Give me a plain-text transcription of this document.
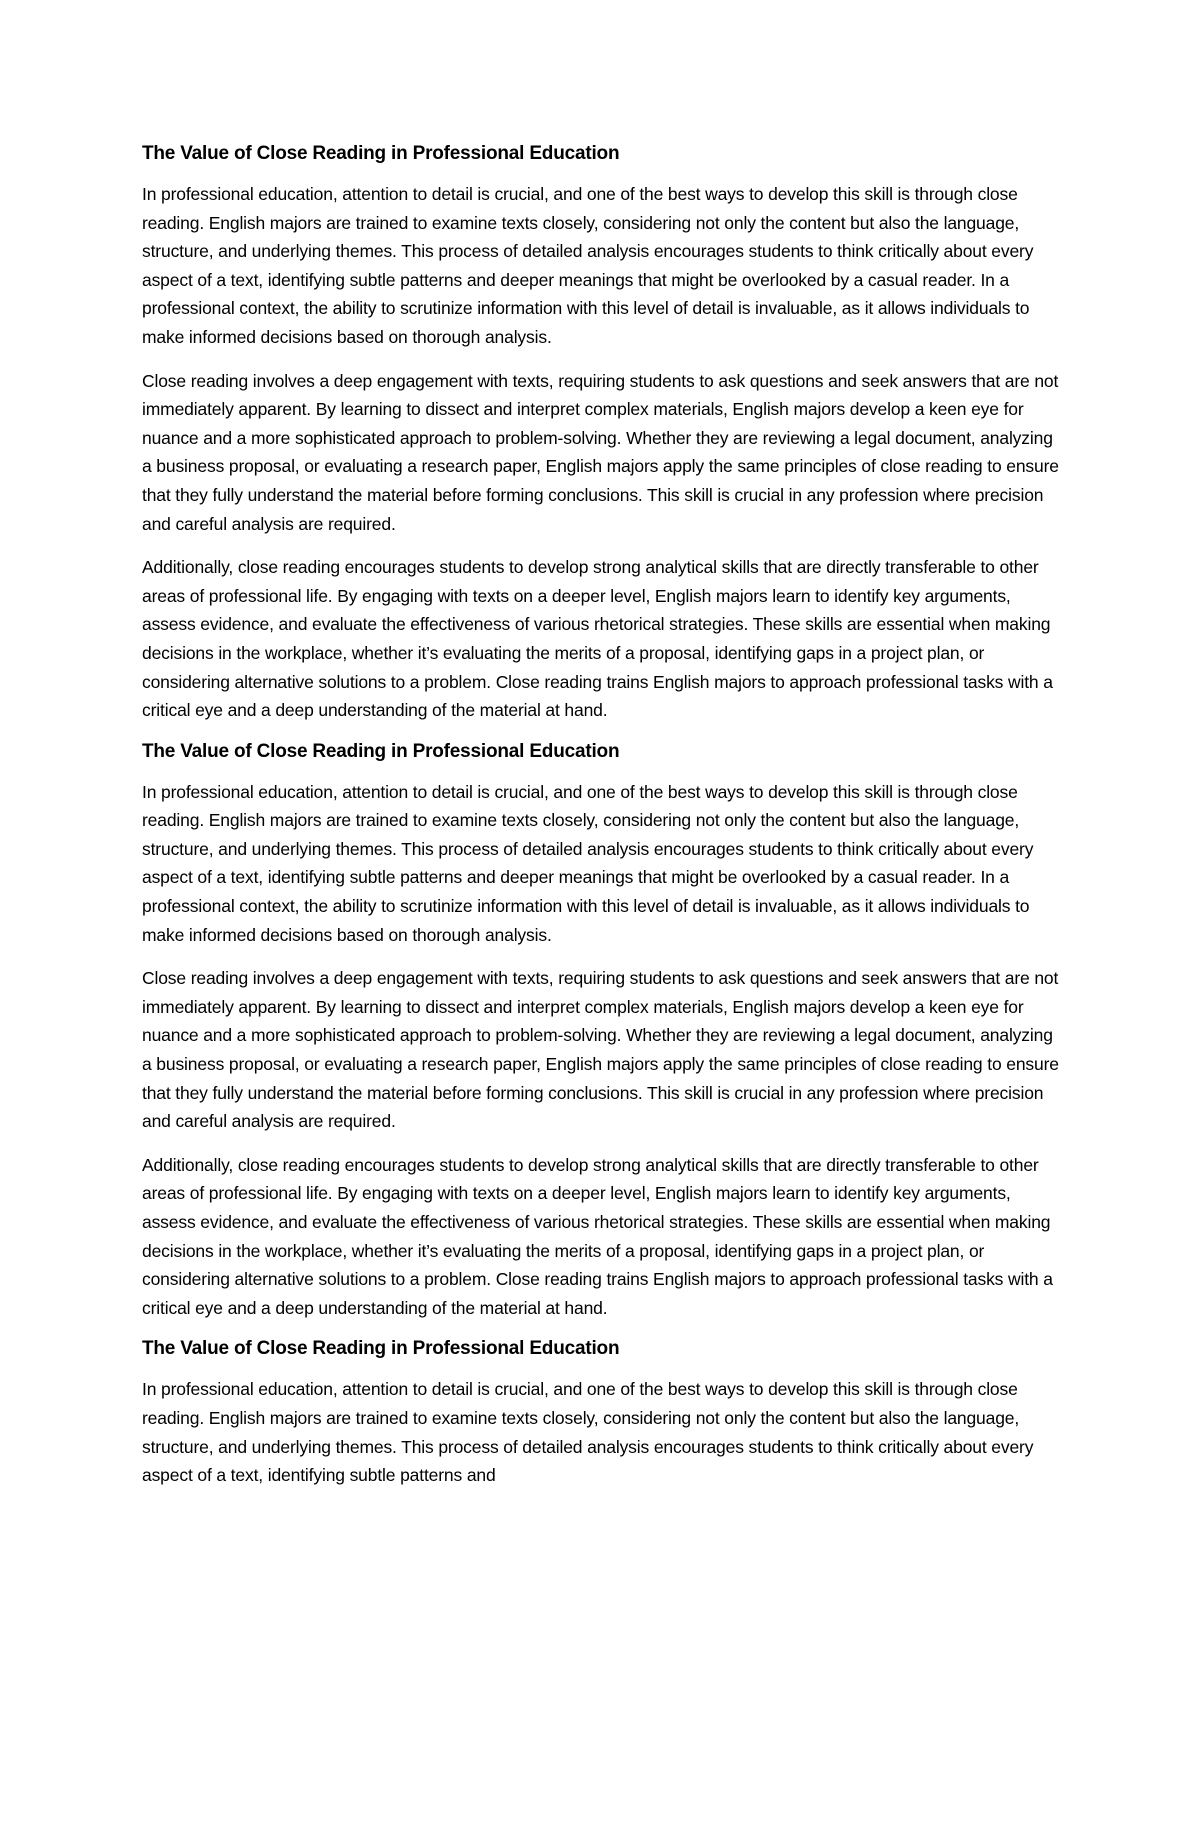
The Value of Close Reading in Professional Education

In professional education, attention to detail is crucial, and one of the best ways to develop this skill is through close reading. English majors are trained to examine texts closely, considering not only the content but also the language, structure, and underlying themes. This process of detailed analysis encourages students to think critically about every aspect of a text, identifying subtle patterns and deeper meanings that might be overlooked by a casual reader. In a professional context, the ability to scrutinize information with this level of detail is invaluable, as it allows individuals to make informed decisions based on thorough analysis.

Close reading involves a deep engagement with texts, requiring students to ask questions and seek answers that are not immediately apparent. By learning to dissect and interpret complex materials, English majors develop a keen eye for nuance and a more sophisticated approach to problem-solving. Whether they are reviewing a legal document, analyzing a business proposal, or evaluating a research paper, English majors apply the same principles of close reading to ensure that they fully understand the material before forming conclusions. This skill is crucial in any profession where precision and careful analysis are required.

Additionally, close reading encourages students to develop strong analytical skills that are directly transferable to other areas of professional life. By engaging with texts on a deeper level, English majors learn to identify key arguments, assess evidence, and evaluate the effectiveness of various rhetorical strategies. These skills are essential when making decisions in the workplace, whether it’s evaluating the merits of a proposal, identifying gaps in a project plan, or considering alternative solutions to a problem. Close reading trains English majors to approach professional tasks with a critical eye and a deep understanding of the material at hand.

The Value of Close Reading in Professional Education

In professional education, attention to detail is crucial, and one of the best ways to develop this skill is through close reading. English majors are trained to examine texts closely, considering not only the content but also the language, structure, and underlying themes. This process of detailed analysis encourages students to think critically about every aspect of a text, identifying subtle patterns and deeper meanings that might be overlooked by a casual reader. In a professional context, the ability to scrutinize information with this level of detail is invaluable, as it allows individuals to make informed decisions based on thorough analysis.

Close reading involves a deep engagement with texts, requiring students to ask questions and seek answers that are not immediately apparent. By learning to dissect and interpret complex materials, English majors develop a keen eye for nuance and a more sophisticated approach to problem-solving. Whether they are reviewing a legal document, analyzing a business proposal, or evaluating a research paper, English majors apply the same principles of close reading to ensure that they fully understand the material before forming conclusions. This skill is crucial in any profession where precision and careful analysis are required.

Additionally, close reading encourages students to develop strong analytical skills that are directly transferable to other areas of professional life. By engaging with texts on a deeper level, English majors learn to identify key arguments, assess evidence, and evaluate the effectiveness of various rhetorical strategies. These skills are essential when making decisions in the workplace, whether it’s evaluating the merits of a proposal, identifying gaps in a project plan, or considering alternative solutions to a problem. Close reading trains English majors to approach professional tasks with a critical eye and a deep understanding of the material at hand.

The Value of Close Reading in Professional Education

In professional education, attention to detail is crucial, and one of the best ways to develop this skill is through close reading. English majors are trained to examine texts closely, considering not only the content but also the language, structure, and underlying themes. This process of detailed analysis encourages students to think critically about every aspect of a text, identifying subtle patterns and
